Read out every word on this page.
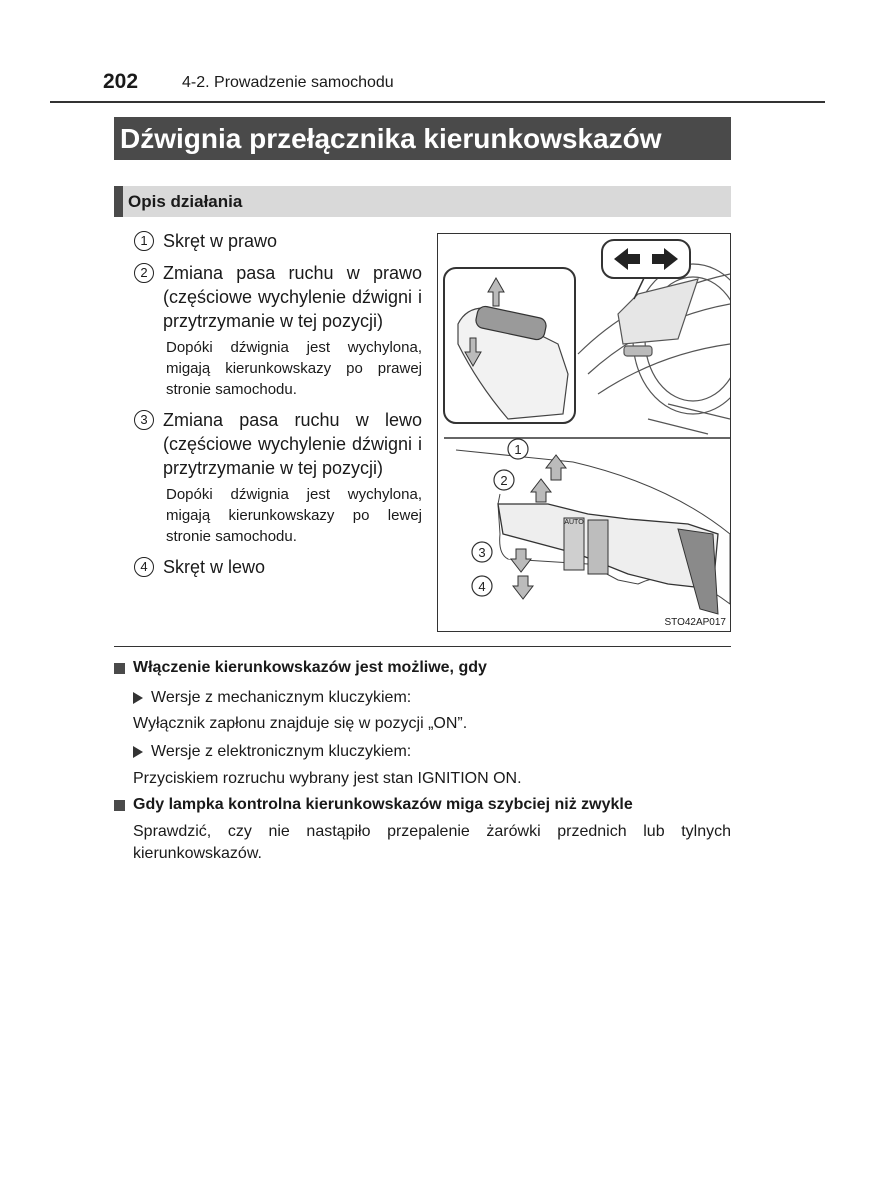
202	4-2. Prowadzenie samochodu
Dźwignia przełącznika kierunkowskazów
Opis działania
1 Skręt w prawo
2 Zmiana pasa ruchu w prawo (częściowe wychylenie dźwigni i przytrzymanie w tej pozycji)
Dopóki dźwignia jest wychylona, migają kierunkowskazy po prawej stronie samochodu.
3 Zmiana pasa ruchu w lewo (częściowe wychylenie dźwigni i przytrzymanie w tej pozycji)
Dopóki dźwignia jest wychylona, migają kierunkowskazy po lewej stronie samochodu.
4 Skręt w lewo
1
2
3
4
AUTO
STO42AP017
Włączenie kierunkowskazów jest możliwe, gdy
Wersje z mechanicznym kluczykiem:
Wyłącznik zapłonu znajduje się w pozycji „ON”.
Wersje z elektronicznym kluczykiem:
Przyciskiem rozruchu wybrany jest stan IGNITION ON.
Gdy lampka kontrolna kierunkowskazów miga szybciej niż zwykle
Sprawdzić, czy nie nastąpiło przepalenie żarówki przednich lub tylnych kierunkowskazów.
